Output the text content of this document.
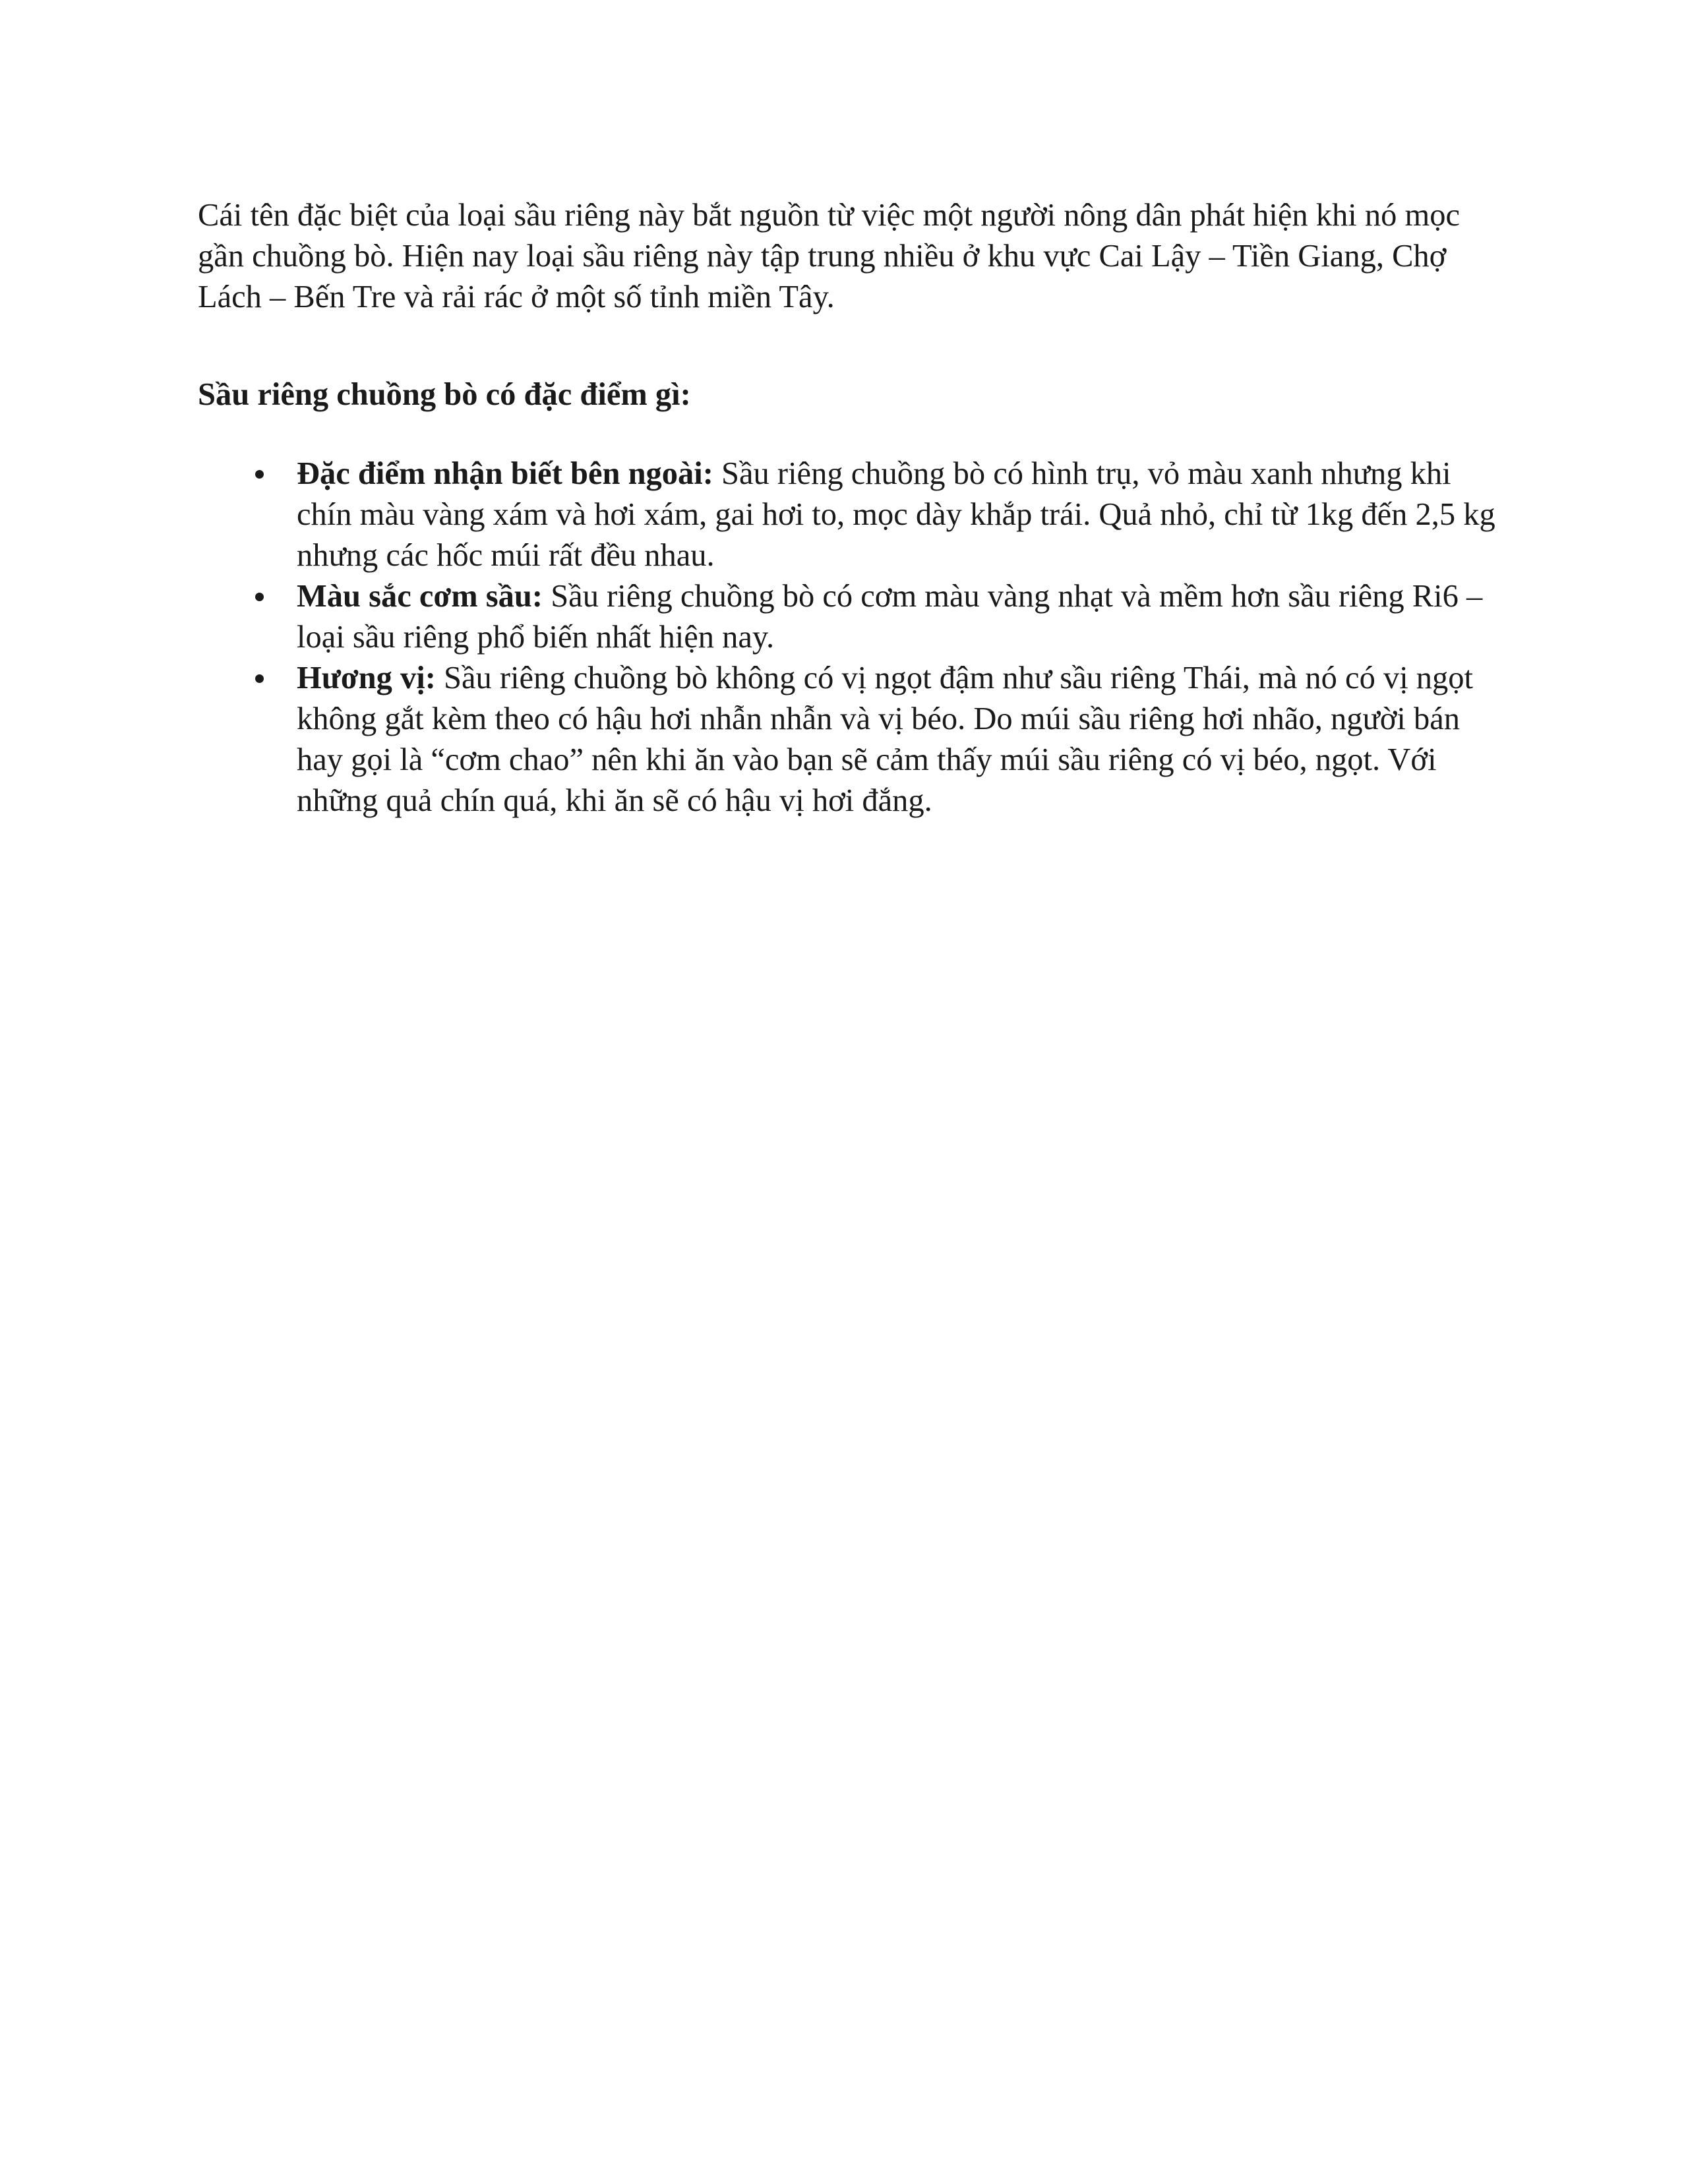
Cái tên đặc biệt của loại sầu riêng này bắt nguồn từ việc một người nông dân phát hiện khi nó mọc gần chuồng bò. Hiện nay loại sầu riêng này tập trung nhiều ở khu vực Cai Lậy – Tiền Giang, Chợ Lách – Bến Tre và rải rác ở một số tỉnh miền Tây.

Sầu riêng chuồng bò có đặc điểm gì:
Đặc điểm nhận biết bên ngoài: Sầu riêng chuồng bò có hình trụ, vỏ màu xanh nhưng khi chín màu vàng xám và hơi xám, gai hơi to, mọc dày khắp trái. Quả nhỏ, chỉ từ 1kg đến 2,5 kg nhưng các hốc múi rất đều nhau.
Màu sắc cơm sầu: Sầu riêng chuồng bò có cơm màu vàng nhạt và mềm hơn sầu riêng Ri6 – loại sầu riêng phổ biến nhất hiện nay.
Hương vị: Sầu riêng chuồng bò không có vị ngọt đậm như sầu riêng Thái, mà nó có vị ngọt không gắt kèm theo có hậu hơi nhẫn nhẫn và vị béo. Do múi sầu riêng hơi nhão, người bán hay gọi là “cơm chao” nên khi ăn vào bạn sẽ cảm thấy múi sầu riêng có vị béo, ngọt. Với những quả chín quá, khi ăn sẽ có hậu vị hơi đắng.
